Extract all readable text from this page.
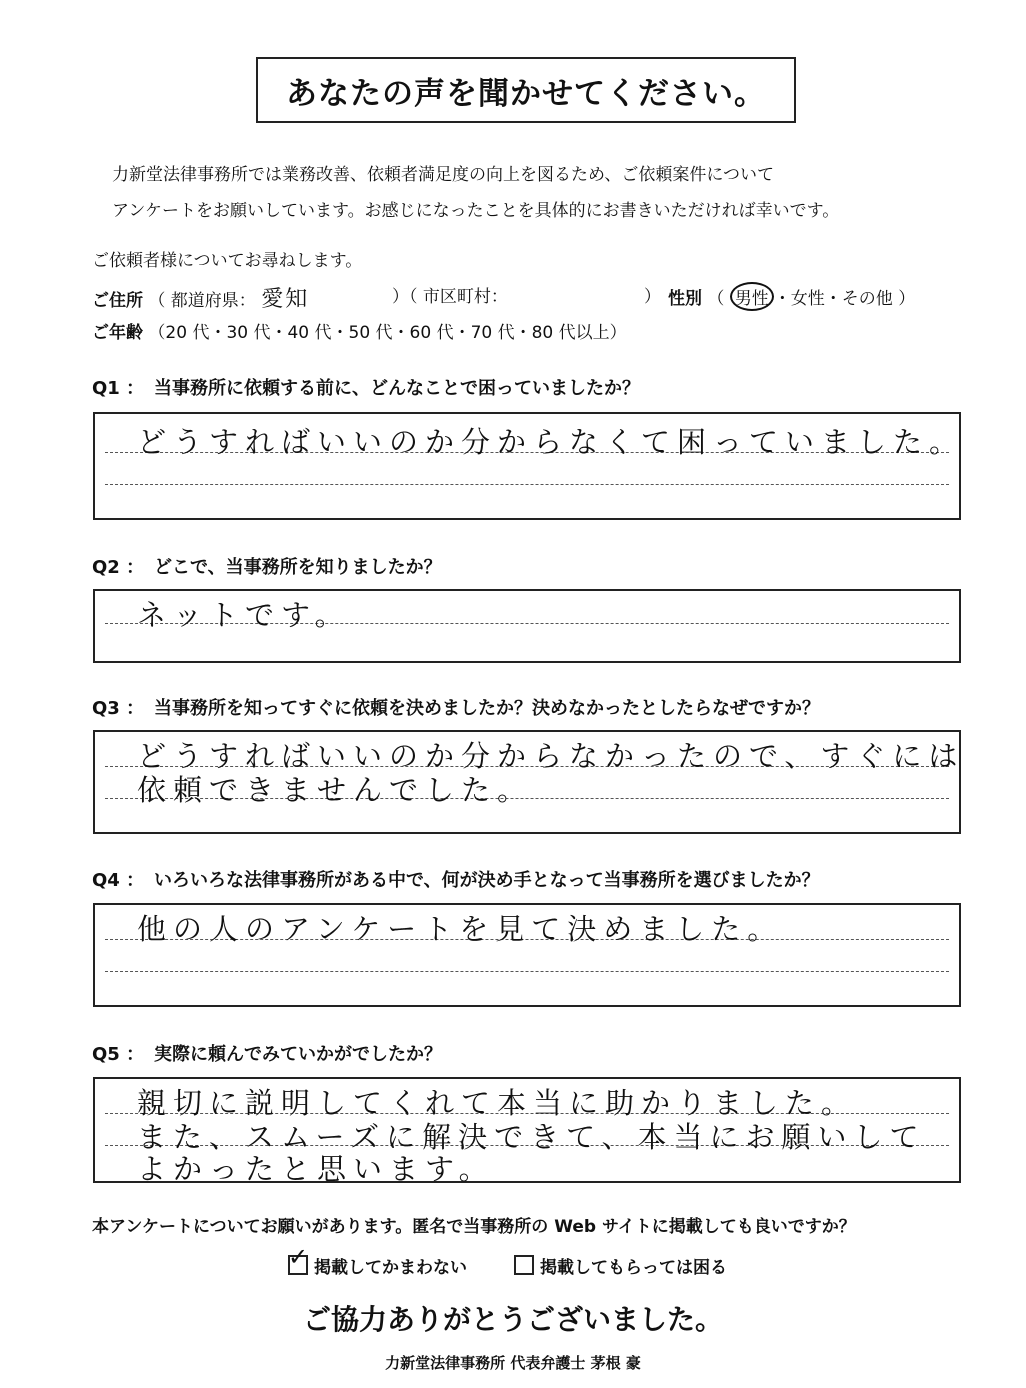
あなたの声を聞かせてください。
力新堂法律事務所では業務改善、依頼者満足度の向上を図るため、ご依頼案件について
アンケートをお願いしています。お感じになったことを具体的にお書きいただければ幸いです。
ご依頼者様についてお尋ねします。
ご住所 （ 都道府県： 愛知	）（ 市区町村：	） 性別 （ 男性 ・女性・その他 ）
ご年齢 （20 代・30 代・40 代・50 代・60 代・70 代・80 代以上）
Q1 ： 当事務所に依頼する前に、どんなことで困っていましたか？
どうすればいいのか分からなくて困っていました。
Q2 ： どこで、当事務所を知りましたか？
ネットです。
Q3 ： 当事務所を知ってすぐに依頼を決めましたか？決めなかったとしたらなぜですか？
どうすればいいのか分からなかったので、すぐには
依頼できませんでした。
Q4 ： いろいろな法律事務所がある中で、何が決め手となって当事務所を選びましたか？
他の人のアンケートを見て決めました。
Q5 ： 実際に頼んでみていかがでしたか？
親切に説明してくれて本当に助かりました。
また、スムーズに解決できて、本当にお願いして
よかったと思います。
本アンケートについてお願いがあります。匿名で当事務所の Web サイトに掲載しても良いですか？
✓ 掲載してかまわない	掲載してもらっては困る
ご協力ありがとうございました。
力新堂法律事務所 代表弁護士 茅根 豪
